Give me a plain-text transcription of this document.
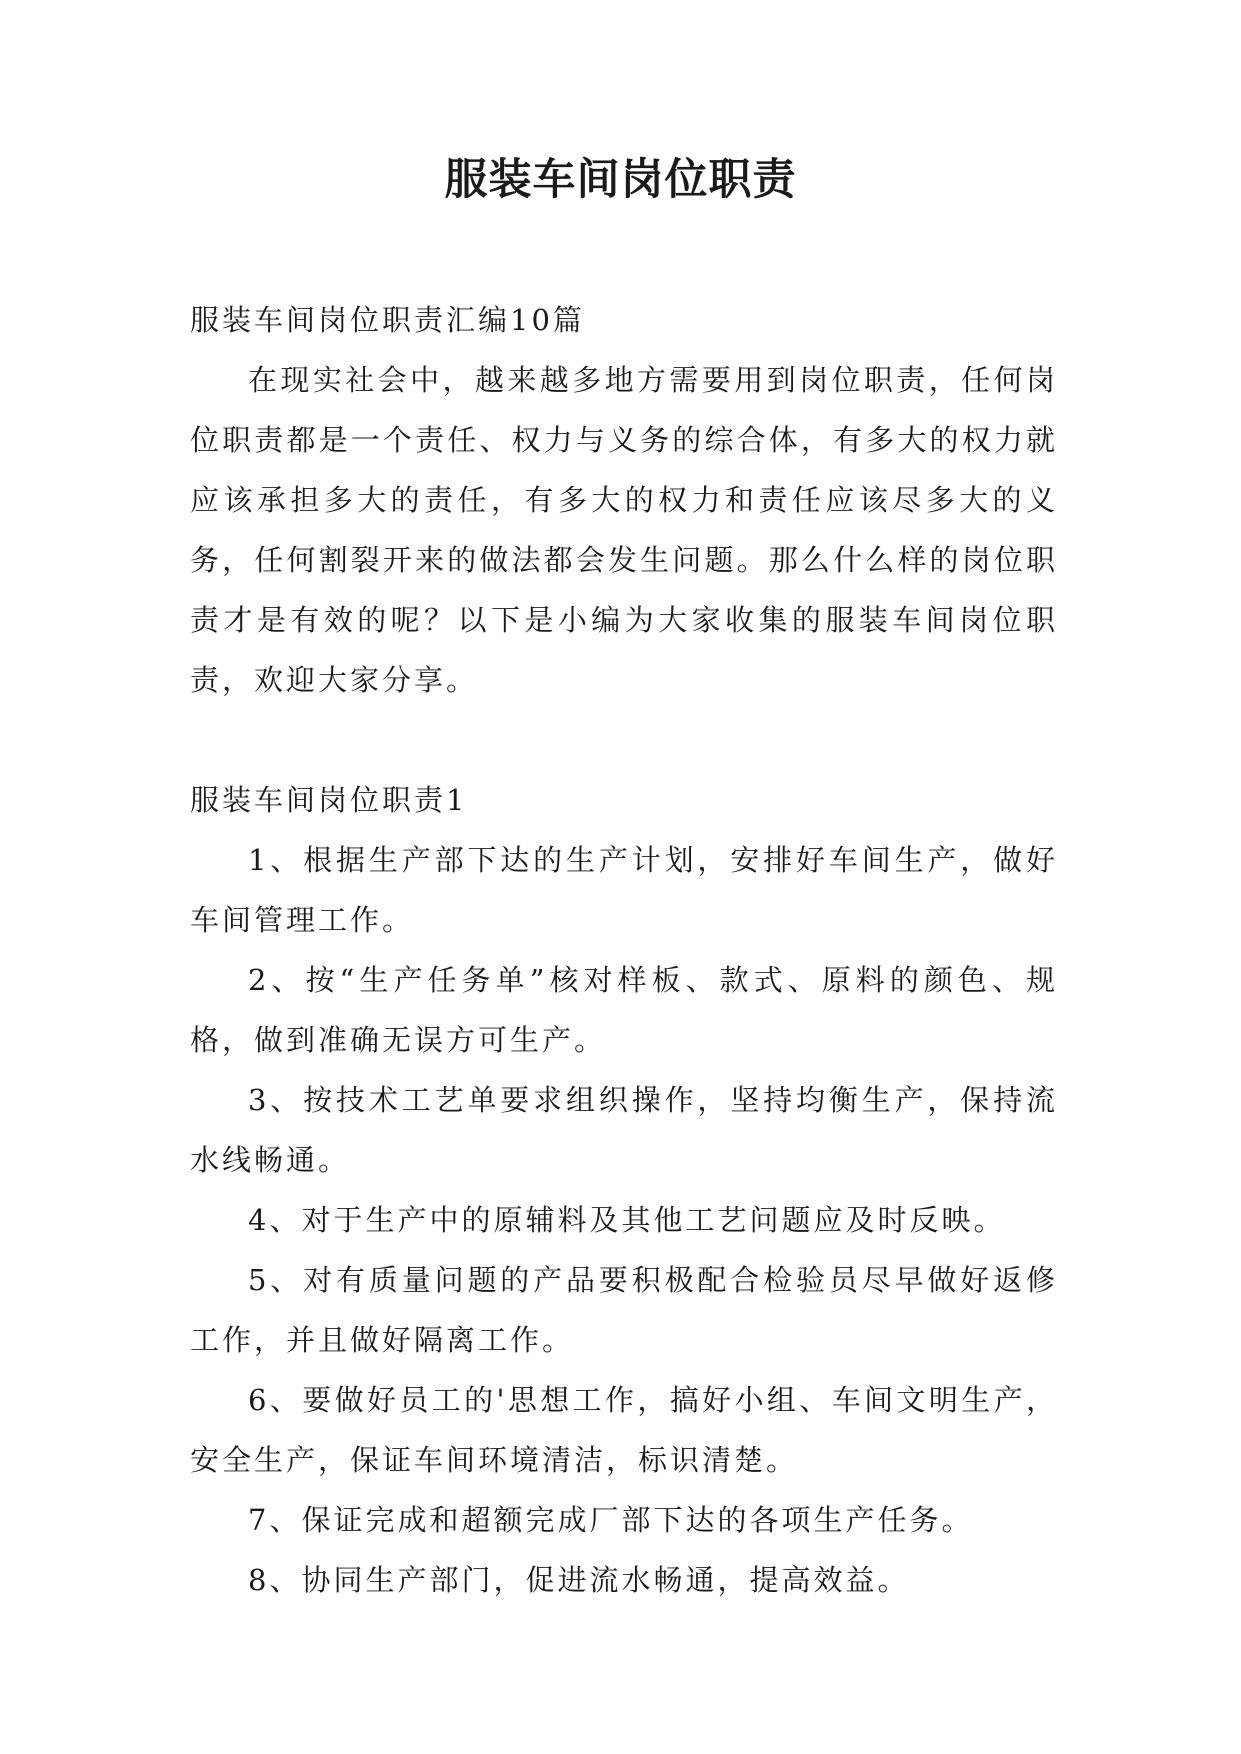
服装车间岗位职责

服装车间岗位职责汇编10篇

在现实社会中，越来越多地方需要用到岗位职责，任何岗位职责都是一个责任、权力与义务的综合体，有多大的权力就应该承担多大的责任，有多大的权力和责任应该尽多大的义务，任何割裂开来的做法都会发生问题。那么什么样的岗位职责才是有效的呢？以下是小编为大家收集的服装车间岗位职责，欢迎大家分享。

服装车间岗位职责1

1、根据生产部下达的生产计划，安排好车间生产，做好车间管理工作。

2、按“生产任务单”核对样板、款式、原料的颜色、规格，做到准确无误方可生产。

3、按技术工艺单要求组织操作，坚持均衡生产，保持流水线畅通。

4、对于生产中的原辅料及其他工艺问题应及时反映。

5、对有质量问题的产品要积极配合检验员尽早做好返修工作，并且做好隔离工作。

6、要做好员工的'思想工作，搞好小组、车间文明生产，安全生产，保证车间环境清洁，标识清楚。

7、保证完成和超额完成厂部下达的各项生产任务。

8、协同生产部门，促进流水畅通，提高效益。
